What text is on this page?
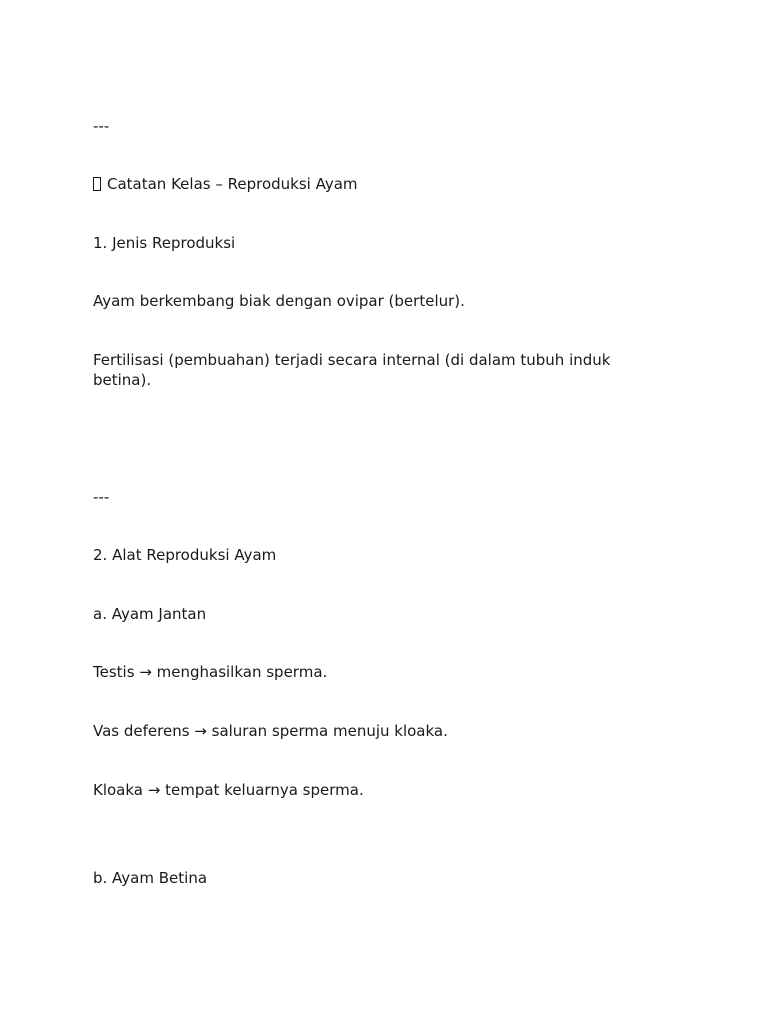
---
Catatan Kelas – Reproduksi Ayam
1. Jenis Reproduksi
Ayam berkembang biak dengan ovipar (bertelur).
Fertilisasi (pembuahan) terjadi secara internal (di dalam tubuh induk betina).
---
2. Alat Reproduksi Ayam
a. Ayam Jantan
Testis → menghasilkan sperma.
Vas deferens → saluran sperma menuju kloaka.
Kloaka → tempat keluarnya sperma.
b. Ayam Betina
